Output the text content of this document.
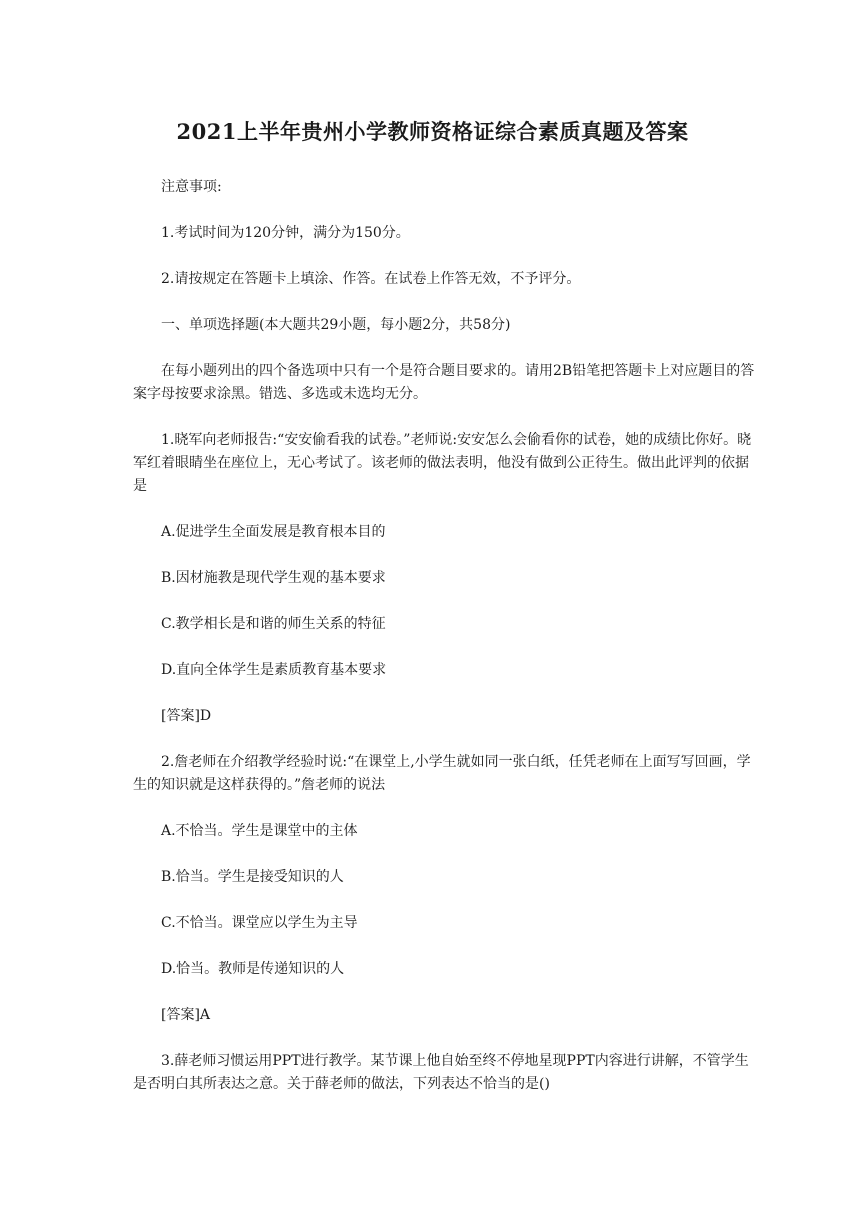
2021上半年贵州小学教师资格证综合素质真题及答案

注意事项:

1.考试时间为120分钟，满分为150分。

2.请按规定在答题卡上填涂、作答。在试卷上作答无效，不予评分。

一、单项选择题(本大题共29小题，每小题2分，共58分)

在每小题列出的四个备选项中只有一个是符合题目要求的。请用2B铅笔把答题卡上对应题目的答案字母按要求涂黑。错选、多选或未选均无分。

1.晓军向老师报告:“安安偷看我的试卷。”老师说:安安怎么会偷看你的试卷，她的成绩比你好。晓军红着眼睛坐在座位上，无心考试了。该老师的做法表明，他没有做到公正待生。做出此评判的依据是

A.促进学生全面发展是教育根本目的

B.因材施教是现代学生观的基本要求

C.教学相长是和谐的师生关系的特征

D.直向全体学生是素质教育基本要求

[答案]D

2.詹老师在介绍教学经验时说:“在课堂上,小学生就如同一张白纸，任凭老师在上面写写回画，学生的知识就是这样获得的。”詹老师的说法

A.不恰当。学生是课堂中的主体

B.恰当。学生是接受知识的人

C.不恰当。课堂应以学生为主导

D.恰当。教师是传递知识的人

[答案]A

3.薛老师习惯运用PPT进行教学。某节课上他自始至终不停地星现PPT内容进行讲解，不管学生是否明白其所表达之意。关于薛老师的做法，下列表达不恰当的是()
